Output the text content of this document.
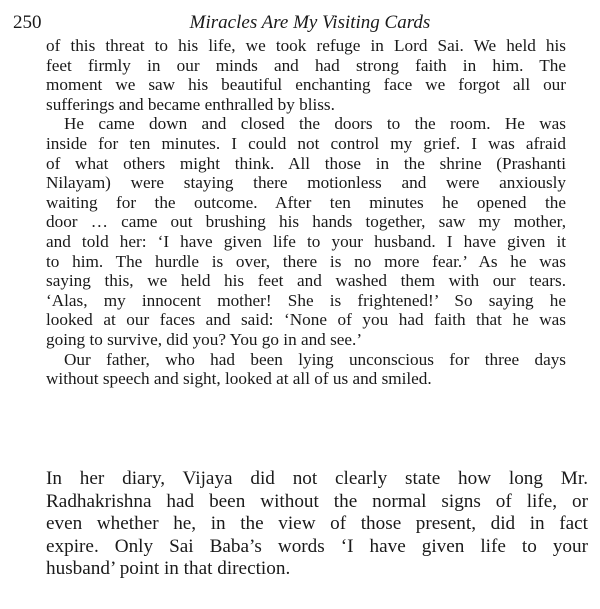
250	Miracles Are My Visiting Cards
of this threat to his life, we took refuge in Lord Sai. We held his
feet firmly in our minds and had strong faith in him. The
moment we saw his beautiful enchanting face we forgot all our
sufferings and became enthralled by bliss.
He came down and closed the doors to the room. He was
inside for ten minutes. I could not control my grief. I was afraid
of what others might think. All those in the shrine (Prashanti
Nilayam) were staying there motionless and were anxiously
waiting for the outcome. After ten minutes he opened the
door … came out brushing his hands together, saw my mother,
and told her: ‘I have given life to your husband. I have given it
to him. The hurdle is over, there is no more fear.’ As he was
saying this, we held his feet and washed them with our tears.
‘Alas, my innocent mother! She is frightened!’ So saying he
looked at our faces and said: ‘None of you had faith that he was
going to survive, did you? You go in and see.’
Our father, who had been lying unconscious for three days
without speech and sight, looked at all of us and smiled.
In her diary, Vijaya did not clearly state how long Mr.
Radhakrishna had been without the normal signs of life, or
even whether he, in the view of those present, did in fact
expire. Only Sai Baba’s words ‘I have given life to your
husband’ point in that direction.
